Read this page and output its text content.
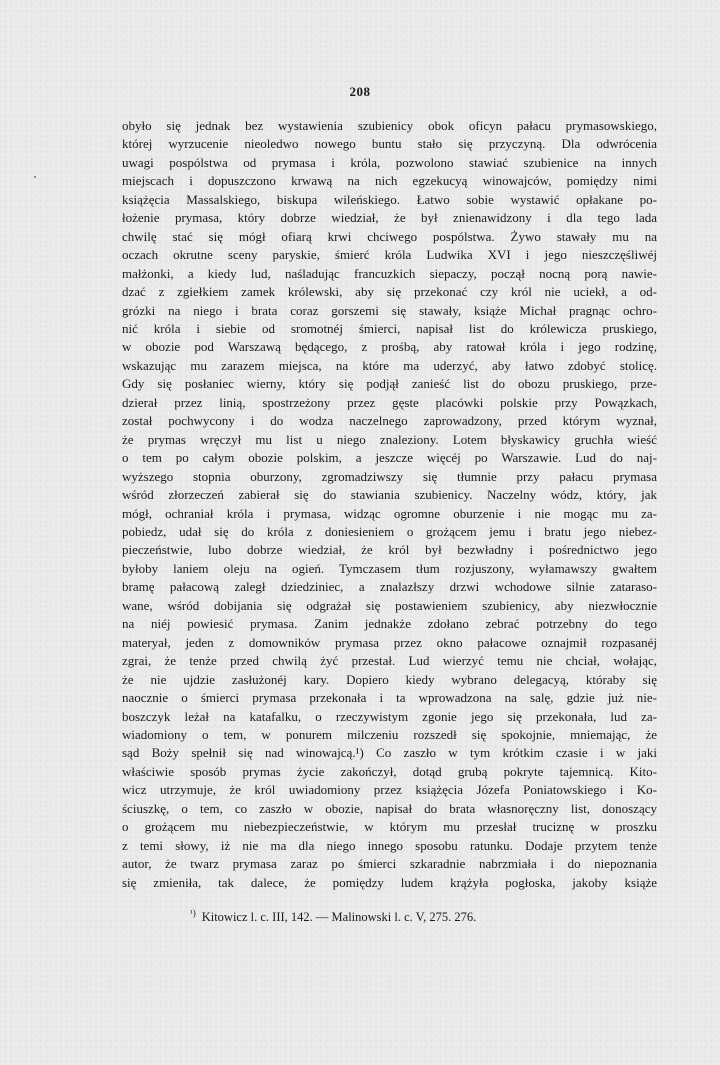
208
obyło się jednak bez wystawienia szubienicy obok oficyn pałacu prymasowskiego,
której wyrzucenie nieoledwo nowego buntu stało się przyczyną. Dla odwrócenia
uwagi pospólstwa od prymasa i króla, pozwolono stawiać szubienice na innych
miejscach i dopuszczono krwawą na nich egzekucyą winowajców, pomiędzy nimi
książęcia Massalskiego, biskupa wileńskiego. Łatwo sobie wystawić opłakane po-
łożenie prymasa, który dobrze wiedział, że był znienawidzony i dla tego lada
chwilę stać się mógł ofiarą krwi chciwego pospólstwa. Żywo stawały mu na
oczach okrutne sceny paryskie, śmierć króla Ludwika XVI i jego nieszczęśliwéj
małżonki, a kiedy lud, naśladując francuzkich siepaczy, począł nocną porą nawie-
dzać z zgiełkiem zamek królewski, aby się przekonać czy król nie uciekł, a od-
grózki na niego i brata coraz gorszemi się stawały, książe Michał pragnąc ochro-
nić króla i siebie od sromotnéj śmierci, napisał list do królewicza pruskiego,
w obozie pod Warszawą będącego, z prośbą, aby ratował króla i jego rodzinę,
wskazując mu zarazem miejsca, na które ma uderzyć, aby łatwo zdobyć stolicę.
Gdy się posłaniec wierny, który się podjął zanieść list do obozu pruskiego, prze-
dzierał przez linią, spostrzeżony przez gęste placówki polskie przy Powązkach,
został pochwycony i do wodza naczelnego zaprowadzony, przed którym wyznał,
że prymas wręczył mu list u niego znaleziony. Lotem błyskawicy gruchła wieść
o tem po całym obozie polskim, a jeszcze więcéj po Warszawie. Lud do naj-
wyższego stopnia oburzony, zgromadziwszy się tłumnie przy pałacu prymasa
wśród złorzeczeń zabierał się do stawiania szubienicy. Naczelny wódz, który, jak
mógł, ochraniał króla i prymasa, widząc ogromne oburzenie i nie mogąc mu za-
pobiedz, udał się do króla z doniesieniem o grożącem jemu i bratu jego niebez-
pieczeństwie, lubo dobrze wiedział, że król był bezwładny i pośrednictwo jego
byłoby laniem oleju na ogień. Tymczasem tłum rozjuszony, wyłamawszy gwałtem
bramę pałacową zaległ dziedziniec, a znalazłszy drzwi wchodowe silnie zataraso-
wane, wśród dobijania się odgrażał się postawieniem szubienicy, aby niezwłocznie
na niéj powiesić prymasa. Zanim jednakże zdołano zebrać potrzebny do tego
materyał, jeden z domowników prymasa przez okno pałacowe oznajmił rozpasanéj
zgrai, że tenże przed chwilą żyć przestał. Lud wierzyć temu nie chciał, wołając,
że nie ujdzie zasłużonéj kary. Dopiero kiedy wybrano delegacyą, któraby się
naocznie o śmierci prymasa przekonała i ta wprowadzona na salę, gdzie już nie-
boszczyk leżał na katafalku, o rzeczywistym zgonie jego się przekonała, lud za-
wiadomiony o tem, w ponurem milczeniu rozszedł się spokojnie, mniemając, że
sąd Boży spełnił się nad winowajcą.¹) Co zaszło w tym krótkim czasie i w jaki
właściwie sposób prymas życie zakończył, dotąd grubą pokryte tajemnicą. Kito-
wicz utrzymuje, że król uwiadomiony przez książęcia Józefa Poniatowskiego i Ko-
ściuszkę, o tem, co zaszło w obozie, napisał do brata własnoręczny list, donoszący
o grożącem mu niebezpieczeństwie, w którym mu przesłał truciznę w proszku
z temi słowy, iż nie ma dla niego innego sposobu ratunku. Dodaje przytem tenże
autor, że twarz prymasa zaraz po śmierci szkaradnie nabrzmiała i do niepoznania
się zmieniła, tak dalece, że pomiędzy ludem krążyła pogłoska, jakoby książe
$^{^1)}$ Kitowicz l. c. III, 142. — Malinowski l. c. V, 275. 276.
